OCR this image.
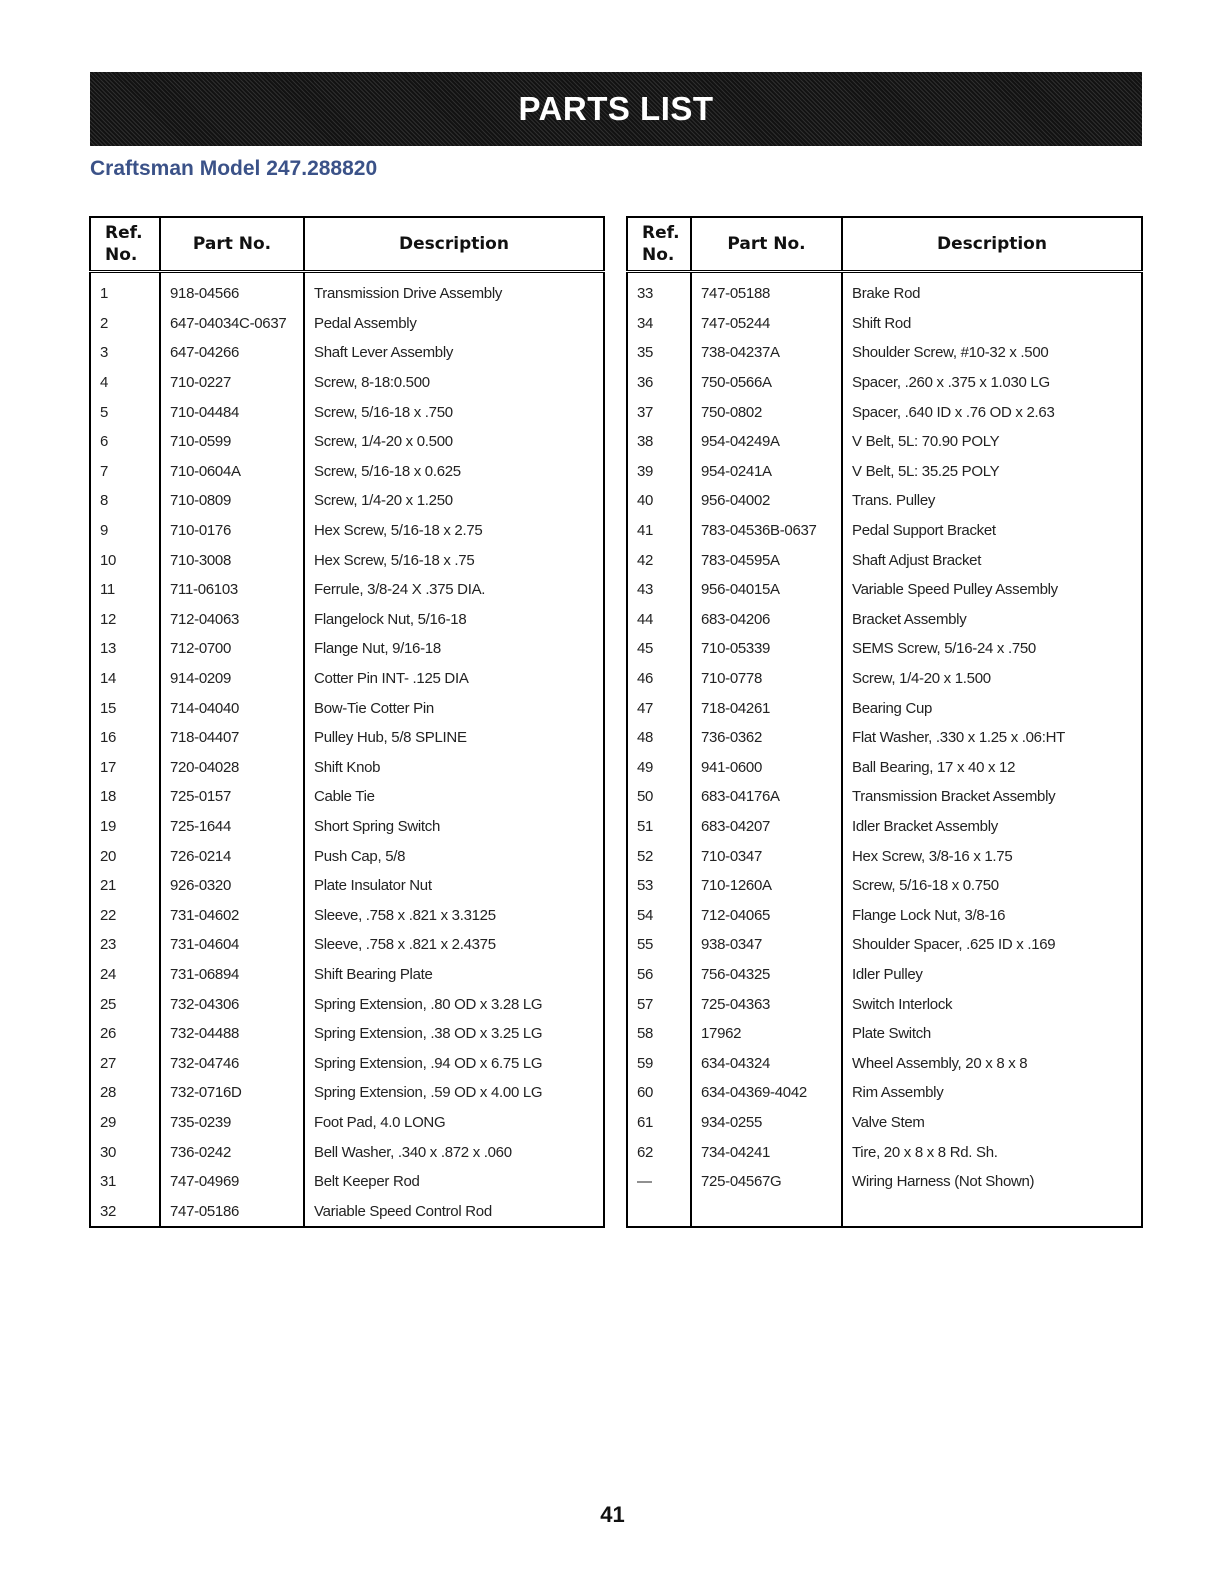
PARTS LIST
Craftsman Model 247.288820
Ref. No.	Part No.	Description
1	918-04566	Transmission Drive Assembly
2	647-04034C-0637	Pedal Assembly
3	647-04266	Shaft Lever Assembly
4	710-0227	Screw, 8-18:0.500
5	710-04484	Screw, 5/16-18 x .750
6	710-0599	Screw, 1/4-20 x 0.500
7	710-0604A	Screw, 5/16-18 x 0.625
8	710-0809	Screw, 1/4-20 x 1.250
9	710-0176	Hex Screw, 5/16-18 x 2.75
10	710-3008	Hex Screw, 5/16-18 x .75
11	711-06103	Ferrule, 3/8-24 X .375 DIA.
12	712-04063	Flangelock Nut, 5/16-18
13	712-0700	Flange Nut, 9/16-18
14	914-0209	Cotter Pin INT- .125 DIA
15	714-04040	Bow-Tie Cotter Pin
16	718-04407	Pulley Hub, 5/8 SPLINE
17	720-04028	Shift Knob
18	725-0157	Cable Tie
19	725-1644	Short Spring Switch
20	726-0214	Push Cap, 5/8
21	926-0320	Plate Insulator Nut
22	731-04602	Sleeve, .758 x .821 x 3.3125
23	731-04604	Sleeve, .758 x .821 x 2.4375
24	731-06894	Shift Bearing Plate
25	732-04306	Spring Extension, .80 OD x 3.28 LG
26	732-04488	Spring Extension, .38 OD x 3.25 LG
27	732-04746	Spring Extension, .94 OD x 6.75 LG
28	732-0716D	Spring Extension, .59 OD x 4.00 LG
29	735-0239	Foot Pad, 4.0 LONG
30	736-0242	Bell Washer, .340 x .872 x .060
31	747-04969	Belt Keeper Rod
32	747-05186	Variable Speed Control Rod
Ref. No.	Part No.	Description
33	747-05188	Brake Rod
34	747-05244	Shift Rod
35	738-04237A	Shoulder Screw, #10-32 x .500
36	750-0566A	Spacer, .260 x .375 x 1.030 LG
37	750-0802	Spacer, .640 ID x .76 OD x 2.63
38	954-04249A	V Belt, 5L: 70.90 POLY
39	954-0241A	V Belt, 5L: 35.25 POLY
40	956-04002	Trans. Pulley
41	783-04536B-0637	Pedal Support Bracket
42	783-04595A	Shaft Adjust Bracket
43	956-04015A	Variable Speed Pulley Assembly
44	683-04206	Bracket Assembly
45	710-05339	SEMS Screw, 5/16-24 x .750
46	710-0778	Screw, 1/4-20 x 1.500
47	718-04261	Bearing Cup
48	736-0362	Flat Washer, .330 x 1.25 x .06:HT
49	941-0600	Ball Bearing, 17 x 40 x 12
50	683-04176A	Transmission Bracket Assembly
51	683-04207	Idler Bracket Assembly
52	710-0347	Hex Screw, 3/8-16 x 1.75
53	710-1260A	Screw, 5/16-18 x 0.750
54	712-04065	Flange Lock Nut, 3/8-16
55	938-0347	Shoulder Spacer, .625 ID x .169
56	756-04325	Idler Pulley
57	725-04363	Switch Interlock
58	17962	Plate Switch
59	634-04324	Wheel Assembly, 20 x 8 x 8
60	634-04369-4042	Rim Assembly
61	934-0255	Valve Stem
62	734-04241	Tire, 20 x 8 x 8 Rd. Sh.
—	725-04567G	Wiring Harness (Not Shown)

41
